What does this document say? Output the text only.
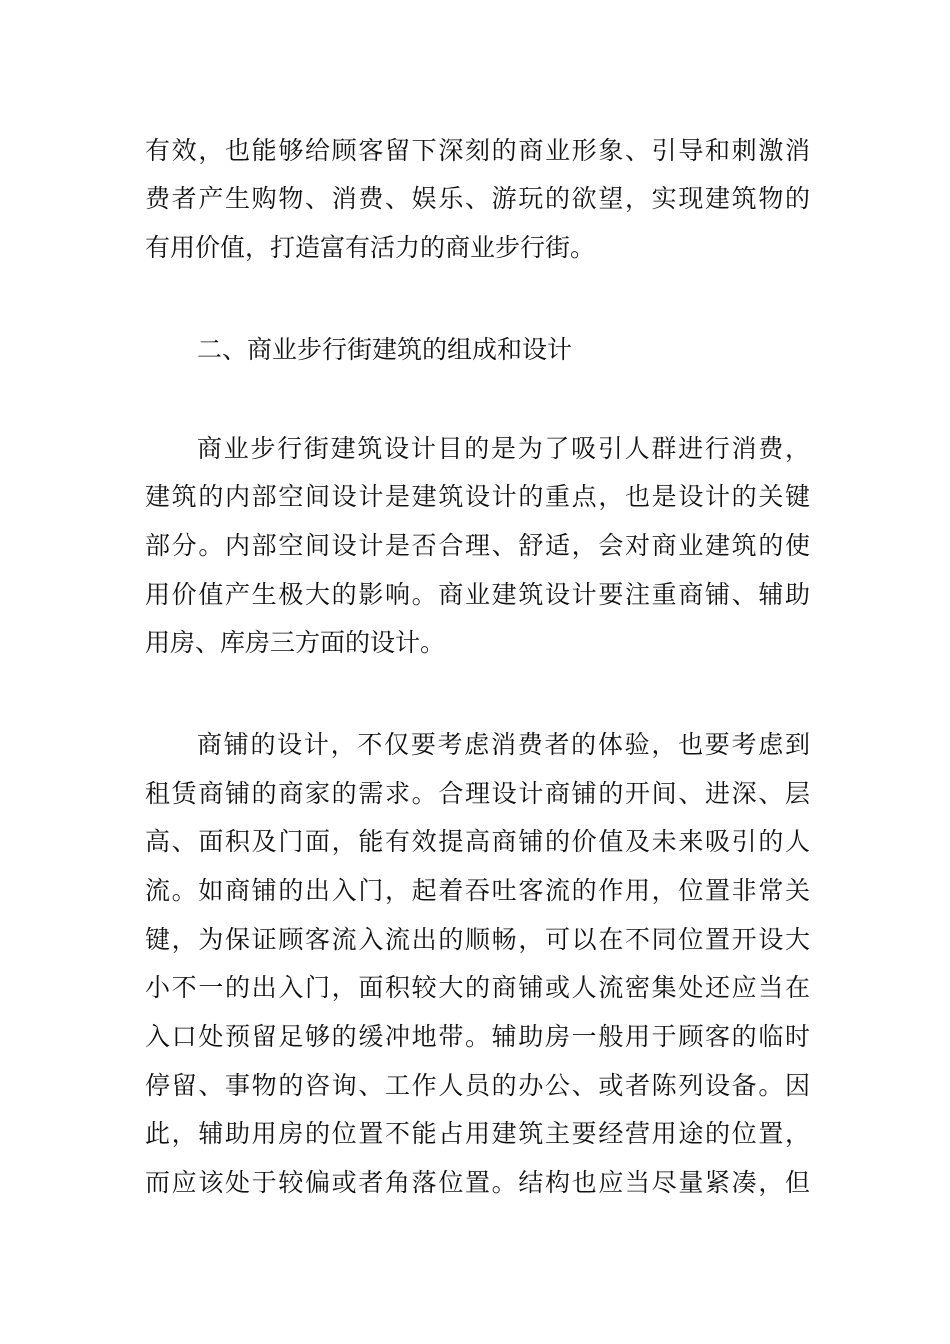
有效，也能够给顾客留下深刻的商业形象、引导和刺激消
费者产生购物、消费、娱乐、游玩的欲望，实现建筑物的
有用价值，打造富有活力的商业步行街。
二、商业步行街建筑的组成和设计
商业步行街建筑设计目的是为了吸引人群进行消费，
建筑的内部空间设计是建筑设计的重点，也是设计的关键
部分。内部空间设计是否合理、舒适，会对商业建筑的使
用价值产生极大的影响。商业建筑设计要注重商铺、辅助
用房、库房三方面的设计。
商铺的设计，不仅要考虑消费者的体验，也要考虑到
租赁商铺的商家的需求。合理设计商铺的开间、进深、层
高、面积及门面，能有效提高商铺的价值及未来吸引的人
流。如商铺的出入门，起着吞吐客流的作用，位置非常关
键，为保证顾客流入流出的顺畅，可以在不同位置开设大
小不一的出入门，面积较大的商铺或人流密集处还应当在
入口处预留足够的缓冲地带。辅助房一般用于顾客的临时
停留、事物的咨询、工作人员的办公、或者陈列设备。因
此，辅助用房的位置不能占用建筑主要经营用途的位置，
而应该处于较偏或者角落位置。结构也应当尽量紧凑，但
